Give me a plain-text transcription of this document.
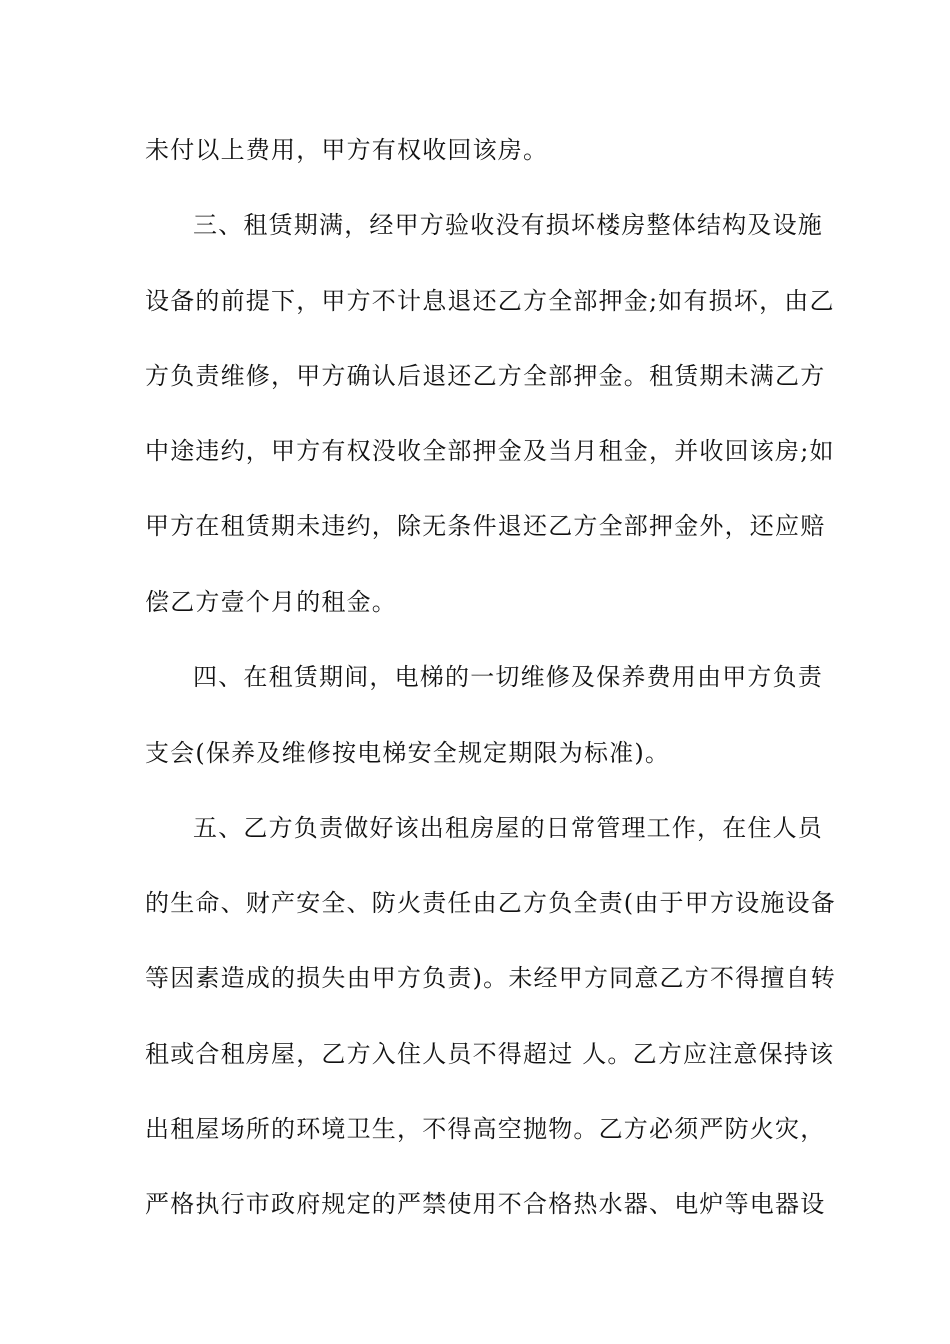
未付以上费用，甲方有权收回该房。
三、租赁期满，经甲方验收没有损坏楼房整体结构及设施
设备的前提下，甲方不计息退还乙方全部押金;如有损坏，由乙
方负责维修，甲方确认后退还乙方全部押金。租赁期未满乙方
中途违约，甲方有权没收全部押金及当月租金，并收回该房;如
甲方在租赁期未违约，除无条件退还乙方全部押金外，还应赔
偿乙方壹个月的租金。
四、在租赁期间，电梯的一切维修及保养费用由甲方负责
支会(保养及维修按电梯安全规定期限为标准)。
五、乙方负责做好该出租房屋的日常管理工作，在住人员
的生命、财产安全、防火责任由乙方负全责(由于甲方设施设备
等因素造成的损失由甲方负责)。未经甲方同意乙方不得擅自转
租或合租房屋，乙方入住人员不得超过 人。乙方应注意保持该
出租屋场所的环境卫生，不得高空抛物。乙方必须严防火灾，
严格执行市政府规定的严禁使用不合格热水器、电炉等电器设
